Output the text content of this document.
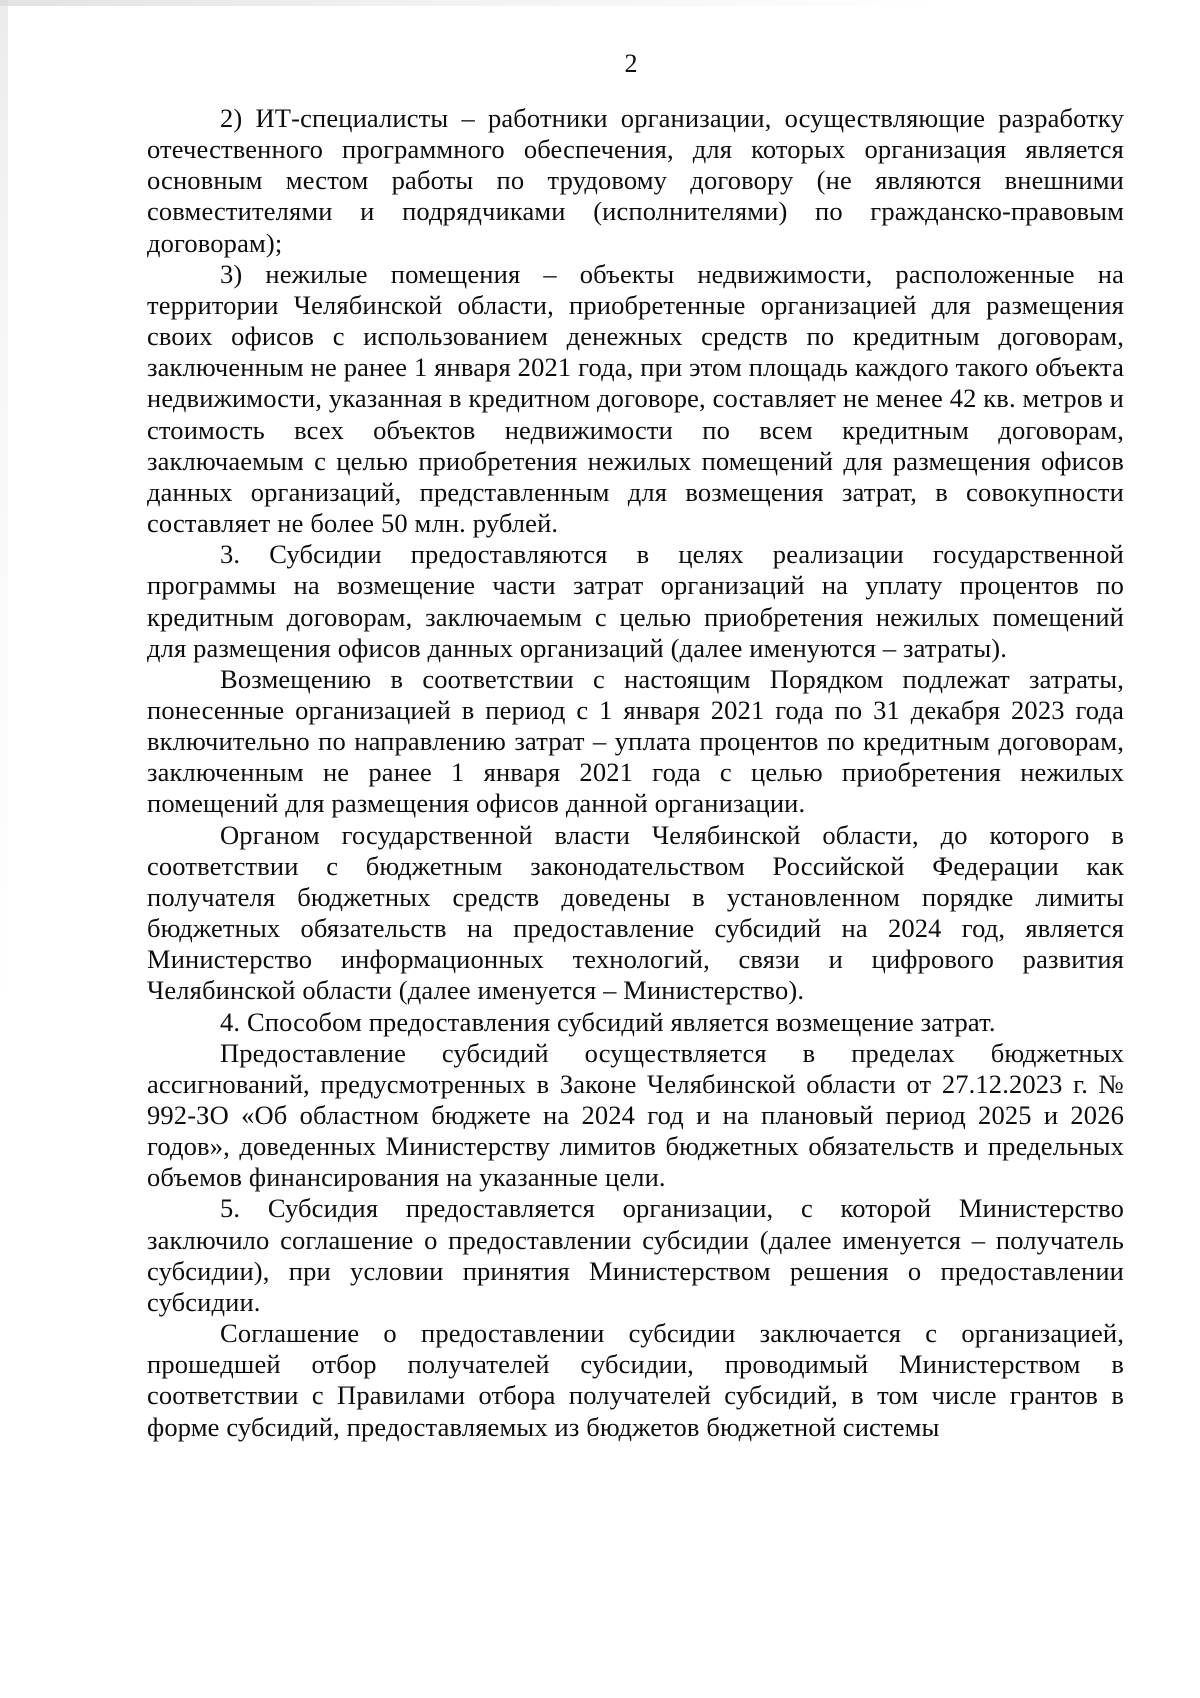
2

2) ИТ-специалисты – работники организации, осуществляющие разработку отечественного программного обеспечения, для которых организация является основным местом работы по трудовому договору (не являются внешними совместителями и подрядчиками (исполнителями) по гражданско-правовым договорам);

3) нежилые помещения – объекты недвижимости, расположенные на территории Челябинской области, приобретенные организацией для размещения своих офисов с использованием денежных средств по кредитным договорам, заключенным не ранее 1 января 2021 года, при этом площадь каждого такого объекта недвижимости, указанная в кредитном договоре, составляет не менее 42 кв. метров и стоимость всех объектов недвижимости по всем кредитным договорам, заключаемым с целью приобретения нежилых помещений для размещения офисов данных организаций, представленным для возмещения затрат, в совокупности составляет не более 50 млн. рублей.

3. Субсидии предоставляются в целях реализации государственной программы на возмещение части затрат организаций на уплату процентов по кредитным договорам, заключаемым с целью приобретения нежилых помещений для размещения офисов данных организаций (далее именуются – затраты).

Возмещению в соответствии с настоящим Порядком подлежат затраты, понесенные организацией в период с 1 января 2021 года по 31 декабря 2023 года включительно по направлению затрат – уплата процентов по кредитным договорам, заключенным не ранее 1 января 2021 года с целью приобретения нежилых помещений для размещения офисов данной организации.

Органом государственной власти Челябинской области, до которого в соответствии с бюджетным законодательством Российской Федерации как получателя бюджетных средств доведены в установленном порядке лимиты бюджетных обязательств на предоставление субсидий на 2024 год, является Министерство информационных технологий, связи и цифрового развития Челябинской области (далее именуется – Министерство).

4. Способом предоставления субсидий является возмещение затрат.

Предоставление субсидий осуществляется в пределах бюджетных ассигнований, предусмотренных в Законе Челябинской области от 27.12.2023 г. № 992-ЗО «Об областном бюджете на 2024 год и на плановый период 2025 и 2026 годов», доведенных Министерству лимитов бюджетных обязательств и предельных объемов финансирования на указанные цели.

5. Субсидия предоставляется организации, с которой Министерство заключило соглашение о предоставлении субсидии (далее именуется – получатель субсидии), при условии принятия Министерством решения о предоставлении субсидии.

Соглашение о предоставлении субсидии заключается с организацией, прошедшей отбор получателей субсидии, проводимый Министерством в соответствии с Правилами отбора получателей субсидий, в том числе грантов в форме субсидий, предоставляемых из бюджетов бюджетной системы
